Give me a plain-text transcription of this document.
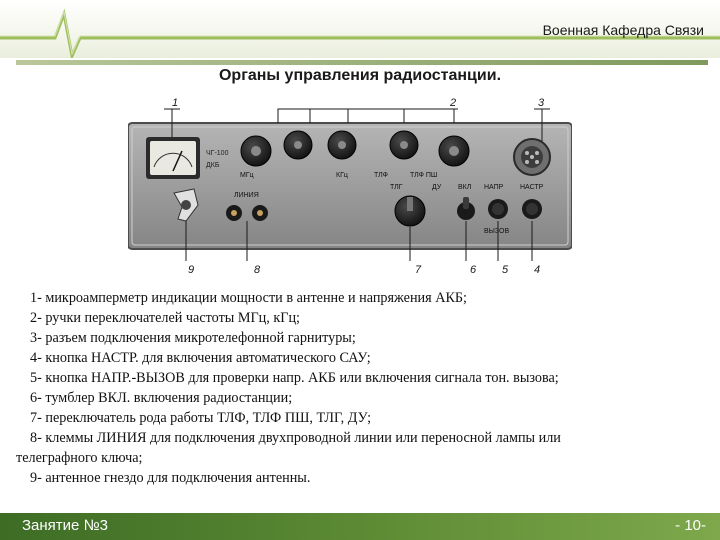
Военная Кафедра Связи
Органы управления радиостанции.
1	2	3
ЧГ-100
ДКБ
МГц	КГц	ТЛФ	ТЛФ ПШ
ЛИНИЯ
ТЛГ	ДУ ВКЛ НАПР
ВЫЗОВ
НАСТР
9	8	7	6 5 4
1- микроамперметр индикации мощности в антенне и напряжения АКБ;
2- ручки переключателей частоты МГц, кГц;
3- разъем подключения микротелефонной гарнитуры;
4- кнопка НАСТР. для включения автоматического САУ;
5- кнопка НАПР.-ВЫЗОВ для проверки напр. АКБ или включения сигнала тон. вызова;
6- тумблер ВКЛ. включения радиостанции;
7- переключатель рода работы ТЛФ, ТЛФ ПШ, ТЛГ, ДУ;
8- клеммы ЛИНИЯ для подключения двухпроводной линии или переносной лампы или
телеграфного ключа;
9- антенное гнездо для подключения антенны.
Занятие №3	- 10-
